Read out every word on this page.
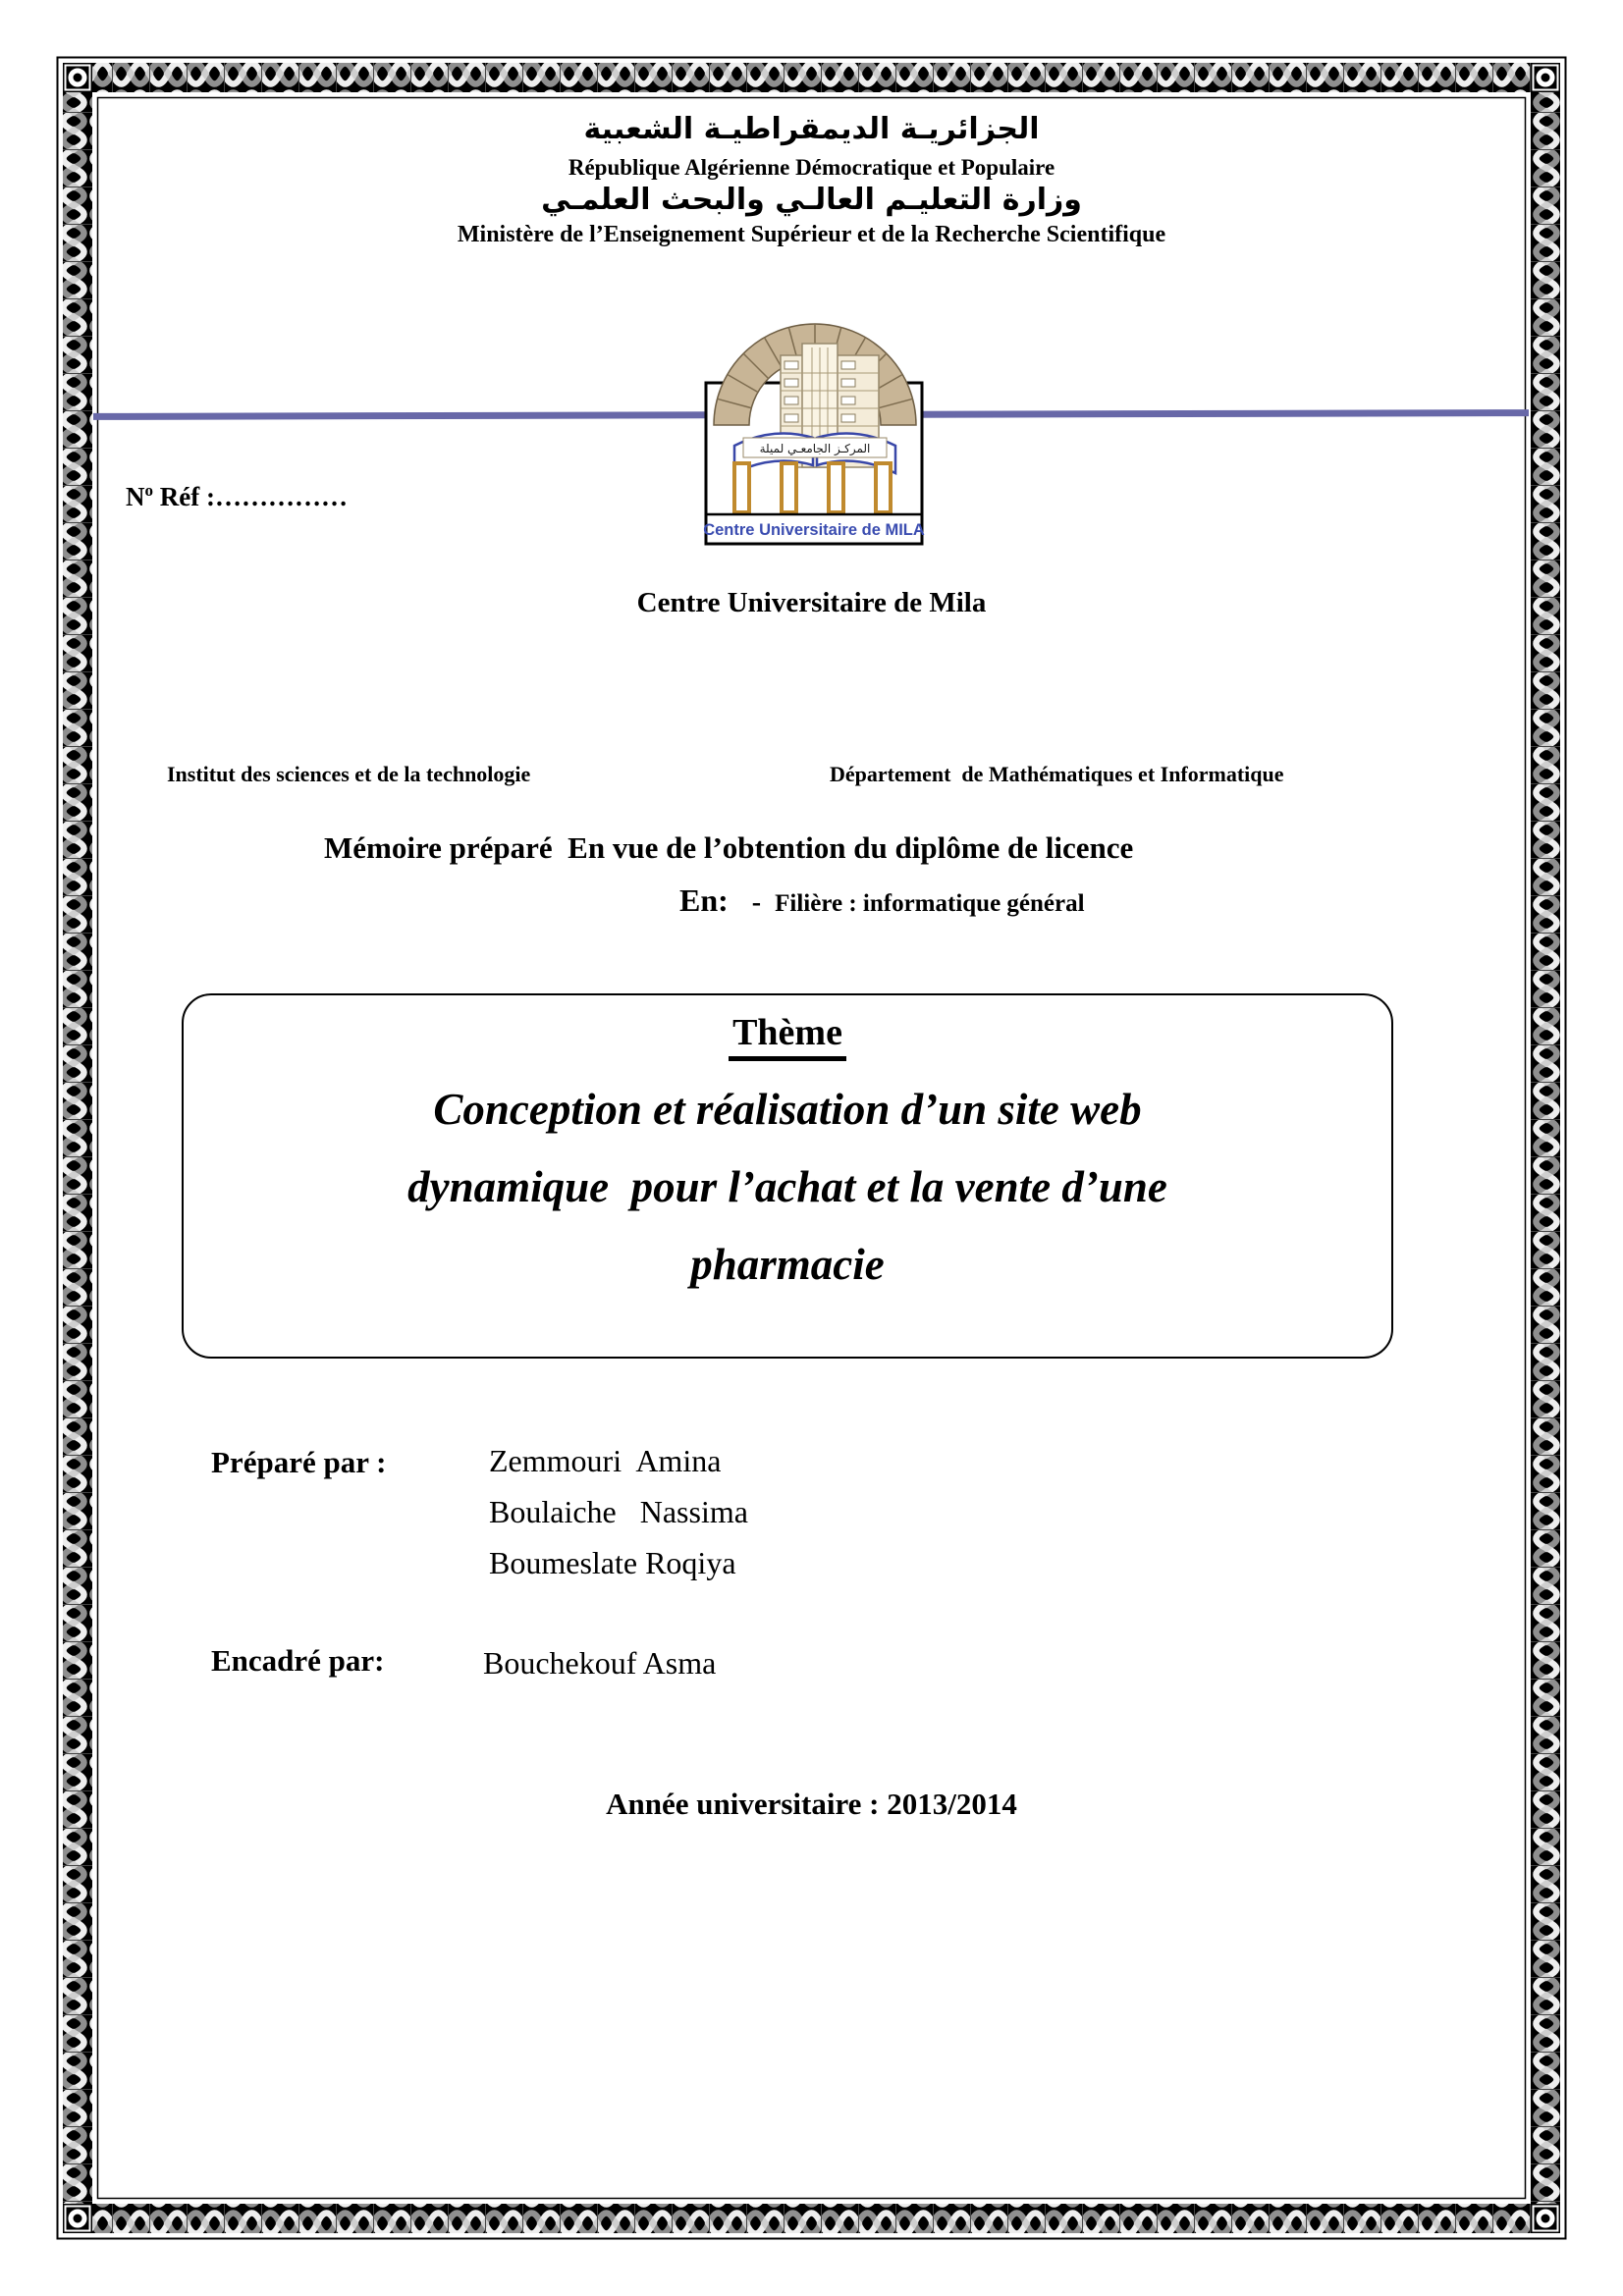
الجزائريـة الديمقراطيـة الشعبية
République Algérienne Démocratique et Populaire
وزارة التعليـم العالـي والبحث العلمـي
Ministère de l’Enseignement Supérieur et de la Recherche Scientifique
$N^o$ Réf :……………
المركـز الجامعـي لميلة
Centre Universitaire de MILA
Centre Universitaire de Mila
Institut des sciences et de la technologie	Département  de Mathématiques et Informatique
Mémoire préparé  En vue de l’obtention du diplôme de licence
En: - Filière : informatique général
Thème
Conception et réalisation d’un site web
dynamique  pour l’achat et la vente d’une
pharmacie
Préparé par :	Zemmouri  Amina
Boulaiche   Nassima
Boumeslate Roqiya
Encadré par:	Bouchekouf Asma
Année universitaire : 2013/2014
